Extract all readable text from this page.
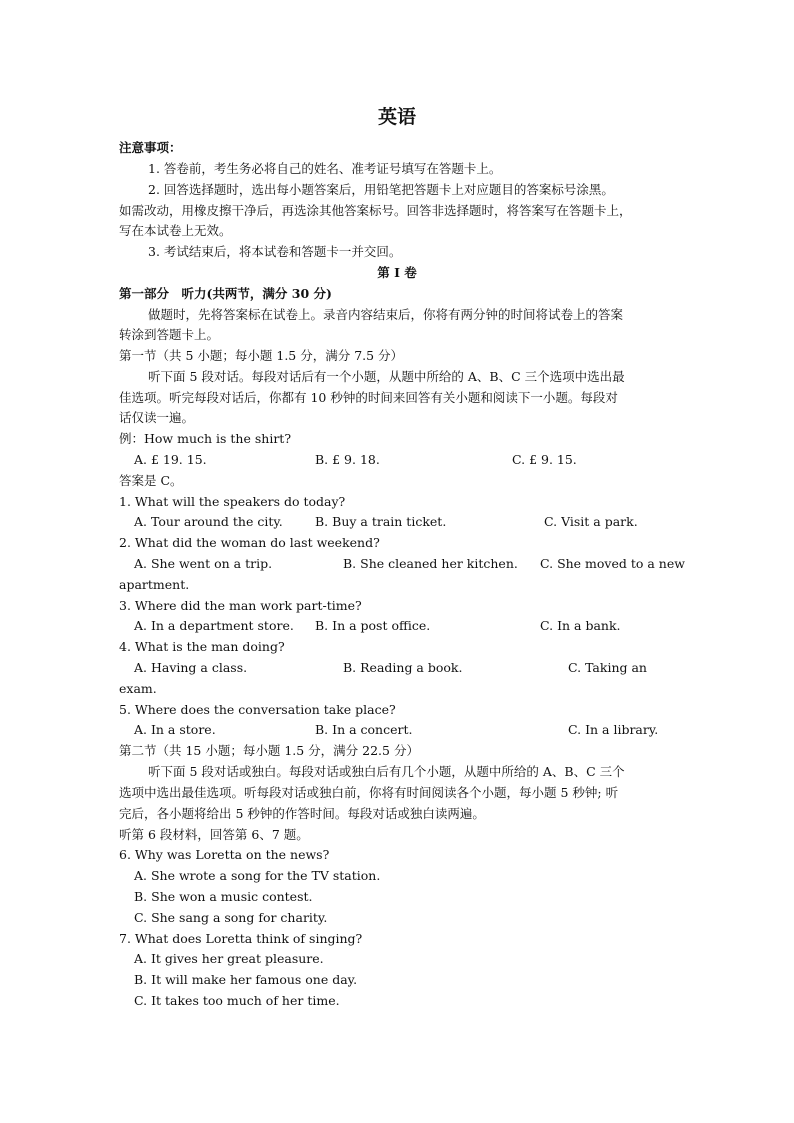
英语
注意事项：
1. 答卷前，考生务必将自己的姓名、准考证号填写在答题卡上。
2. 回答选择题时，选出每小题答案后，用铅笔把答题卡上对应题目的答案标号涂黑。
如需改动，用橡皮擦干净后，再选涂其他答案标号。回答非选择题时，将答案写在答题卡上，
写在本试卷上无效。
3. 考试结束后，将本试卷和答题卡一并交回。
第 I 卷
第一部分　听力(共两节，满分 30 分)
做题时，先将答案标在试卷上。录音内容结束后，你将有两分钟的时间将试卷上的答案
转涂到答题卡上。
第一节（共 5 小题；每小题 1.5 分，满分 7.5 分）
听下面 5 段对话。每段对话后有一个小题，从题中所给的 A、B、C 三个选项中选出最
佳选项。听完每段对话后，你都有 10 秒钟的时间来回答有关小题和阅读下一小题。每段对
话仅读一遍。
例：How much is the shirt?
A. £ 19. 15.	B. £ 9. 18.	C. £ 9. 15.
答案是 C。
1. What will the speakers do today?
A. Tour around the city.	B. Buy a train ticket.	C. Visit a park.
2. What did the woman do last weekend?
A. She went on a trip.	B. She cleaned her kitchen. C. She moved to a new
apartment.
3. Where did the man work part-time?
A. In a department store. B. In a post office.	C. In a bank.
4. What is the man doing?
A. Having a class.	B. Reading a book.	C. Taking an
exam.
5. Where does the conversation take place?
A. In a store.	B. In a concert.	C. In a library.
第二节（共 15 小题；每小题 1.5 分，满分 22.5 分）
听下面 5 段对话或独白。每段对话或独白后有几个小题，从题中所给的 A、B、C 三个
选项中选出最佳选项。听每段对话或独白前，你将有时间阅读各个小题，每小题 5 秒钟; 听
完后，各小题将给出 5 秒钟的作答时间。每段对话或独白读两遍。
听第 6 段材料，回答第 6、7 题。
6. Why was Loretta on the news?
A. She wrote a song for the TV station.
B. She won a music contest.
C. She sang a song for charity.
7. What does Loretta think of singing?
A. It gives her great pleasure.
B. It will make her famous one day.
C. It takes too much of her time.
